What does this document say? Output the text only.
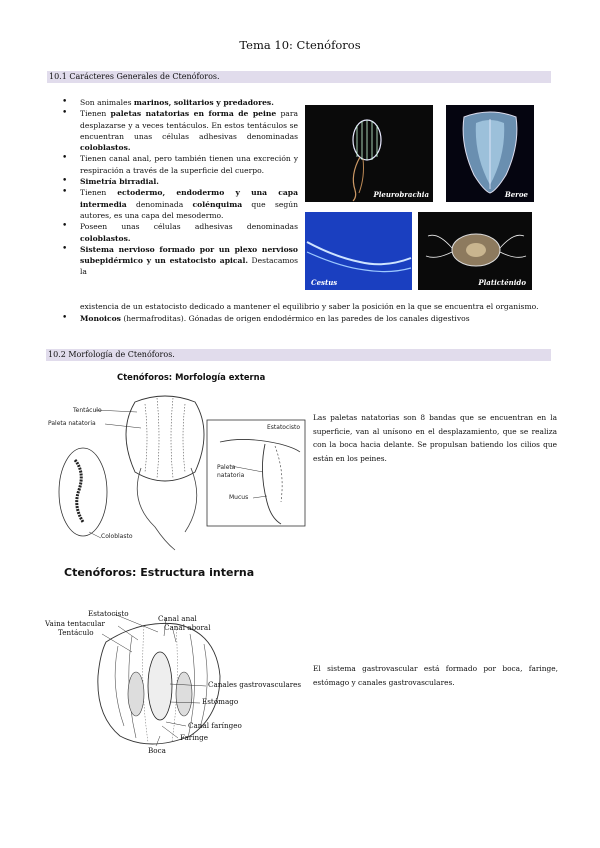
Tema 10: Ctenóforos
10.1 Carácteres Generales de Ctenóforos.
• Son animales marinos, solitarios y predadores.
• Tienen paletas natatorias en forma de peine para desplazarse y a veces tentáculos. En estos tentáculos se encuentran unas células adhesivas denominadas coloblastos.
• Tienen canal anal, pero también tienen una excreción y respiración a través de la superficie del cuerpo.
• Simetría birradial.
• Tienen ectodermo, endodermo y una capa intermedia denominada colénquima que según autores, es una capa del mesodermo.
• Poseen unas células adhesivas denominadas coloblastos.
• Sistema nervioso formado por un plexo nervioso subepidérmico y un estatocisto apical. Destacamos la
existencia de un estatocisto dedicado a mantener el equilibrio y saber la posición en la que se encuentra el organismo.
• Monoicos (hermafroditas). Gónadas de origen endodérmico en las paredes de los canales digestivos
Pleurobrachia	Beroe
Cestus	Platicténido
10.2 Morfología de Ctenóforos.
Ctenóforos: Morfología externa
Tentáculo
Paleta natatoria
Coloblasto
Estatocisto
Paleta natatoria
Mucus
Las paletas natatorias son 8 bandas que se encuentran en la superficie, van al unísono en el desplazamiento, que se realiza con la boca hacia delante. Se propulsan batiendo los cilios que están en los peines.
Ctenóforos: Estructura interna
Estatocisto
Vaina tentacular
Tentáculo
Canal anal
Canal aboral
Canales gastrovasculares
Estómago
Canal faríngeo
Faringe
Boca
El sistema gastrovascular está formado por boca, faringe, estómago y canales gastrovasculares.
